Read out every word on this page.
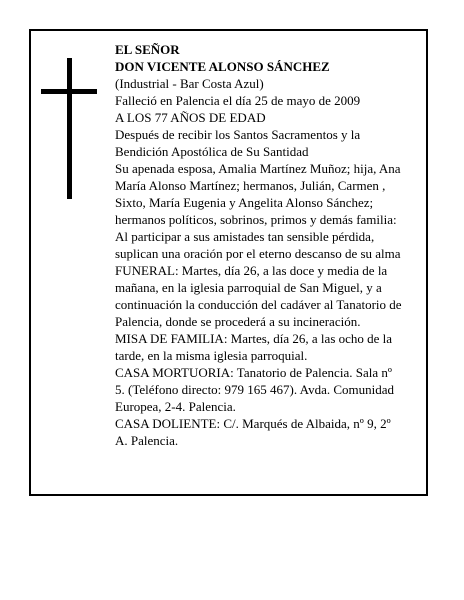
EL SEÑOR
DON VICENTE ALONSO SÁNCHEZ
(Industrial - Bar Costa Azul)
Falleció en Palencia el día 25 de mayo de 2009
A LOS 77 AÑOS DE EDAD
Después de recibir los Santos Sacramentos y la
Bendición Apostólica de Su Santidad
Su apenada esposa, Amalia Martínez Muñoz; hija, Ana
María Alonso Martínez; hermanos, Julián, Carmen ,
Sixto, María Eugenia y Angelita Alonso Sánchez;
hermanos políticos, sobrinos, primos y demás familia:
Al participar a sus amistades tan sensible pérdida,
suplican una oración por el eterno descanso de su alma
FUNERAL: Martes, día 26, a las doce y media de la
mañana, en la iglesia parroquial de San Miguel, y a
continuación la conducción del cadáver al Tanatorio de
Palencia, donde se procederá a su incineración.
MISA DE FAMILIA: Martes, día 26, a las ocho de la
tarde, en la misma iglesia parroquial.
CASA MORTUORIA: Tanatorio de Palencia. Sala nº
5. (Teléfono directo: 979 165 467). Avda. Comunidad
Europea, 2-4. Palencia.
CASA DOLIENTE: C/. Marqués de Albaida, nº 9, 2º
A. Palencia.
